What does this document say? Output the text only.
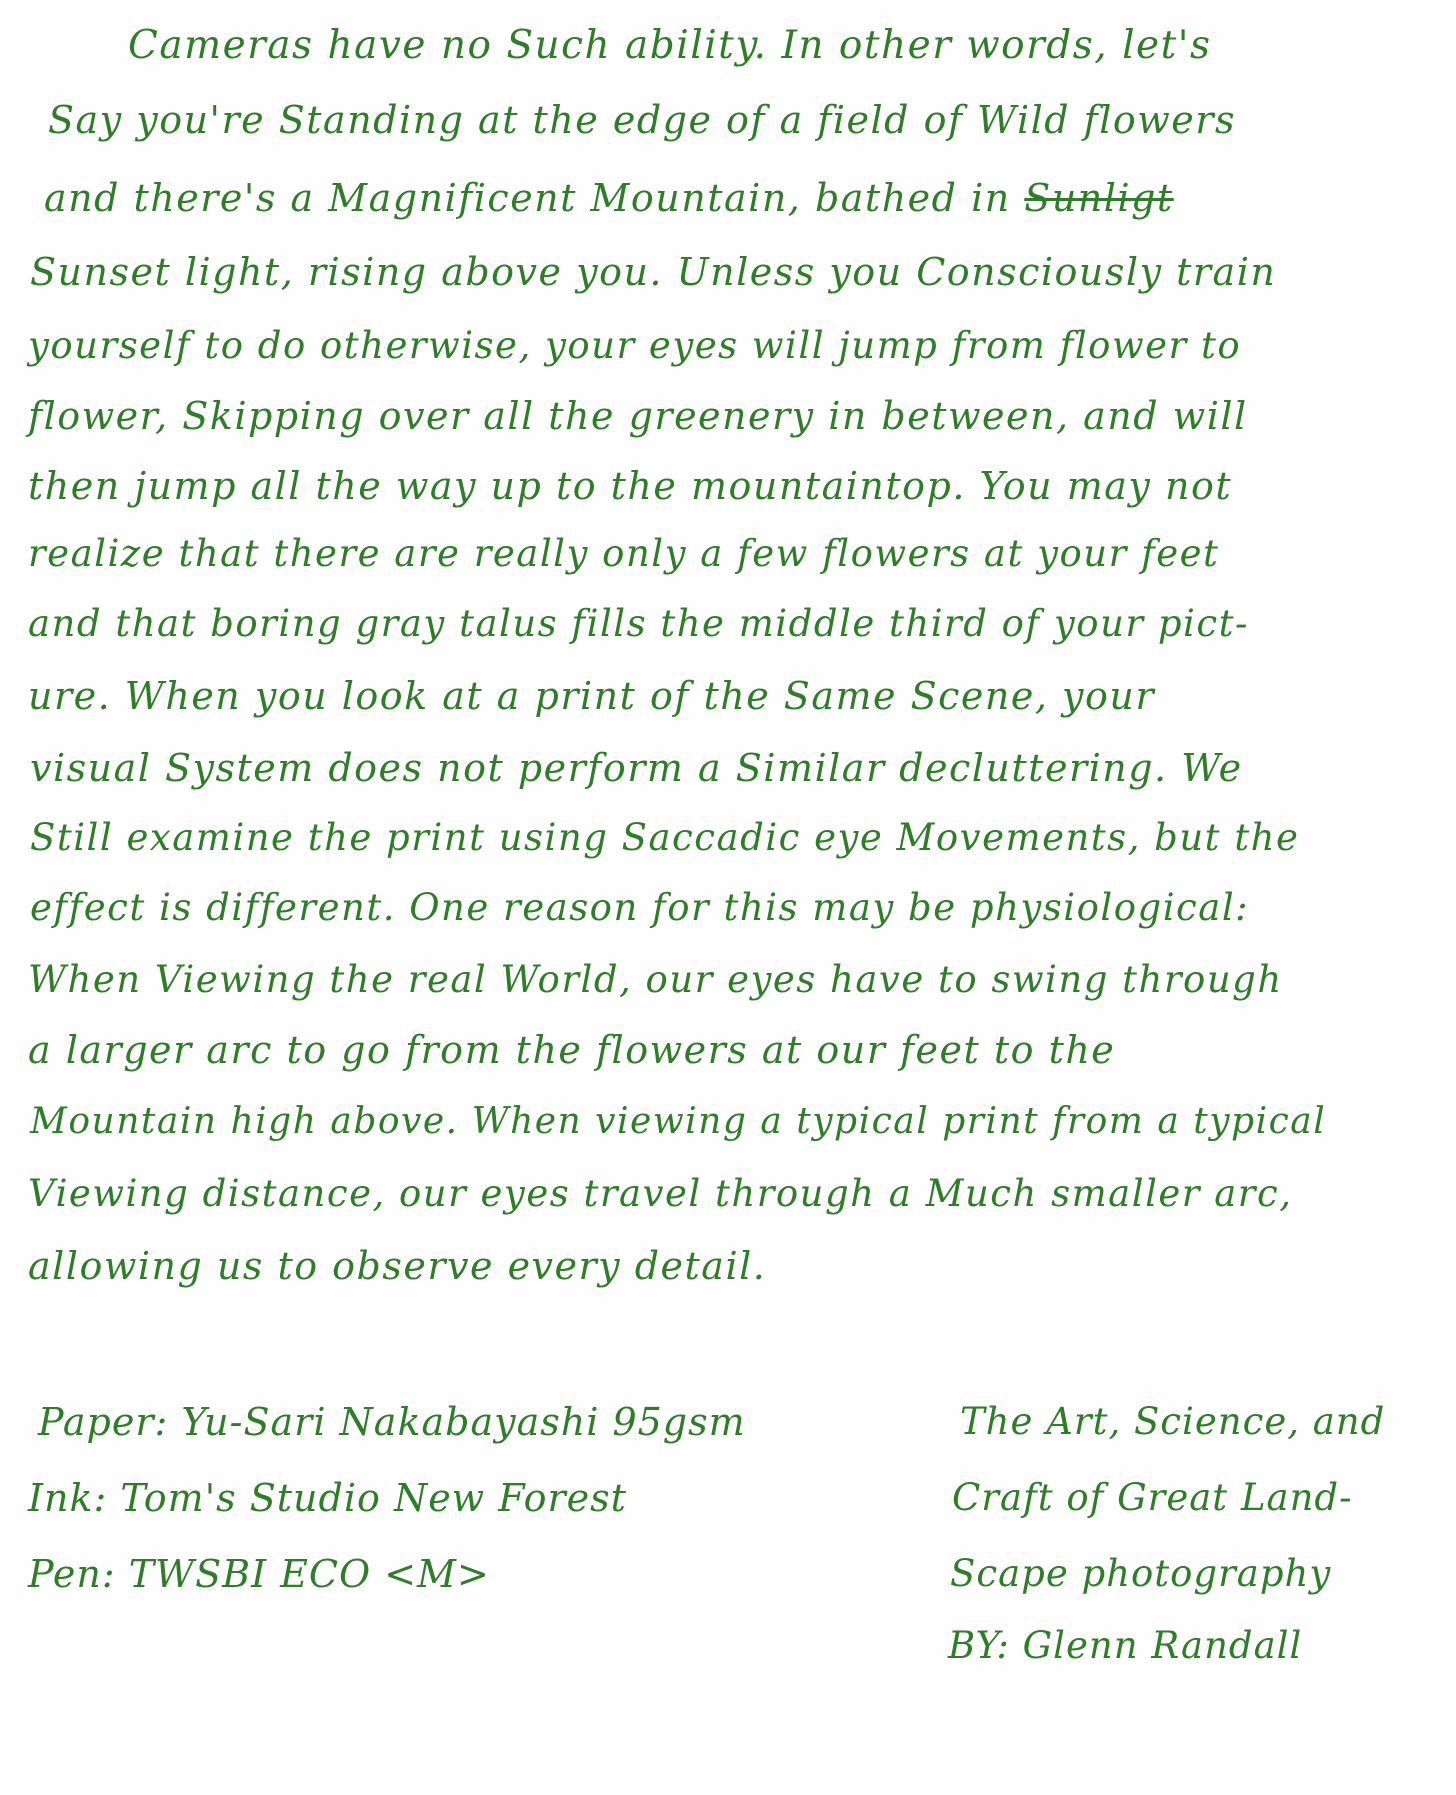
Cameras have no Such ability. In other words, let's
Say you're Standing at the edge of a field of Wild flowers
and there's a Magnificent Mountain, bathed in Sunligt
Sunset light, rising above you. Unless you Consciously train
yourself to do otherwise, your eyes will jump from flower to
flower, Skipping over all the greenery in between, and will
then jump all the way up to the mountaintop. You may not
realize that there are really only a few flowers at your feet
and that boring gray talus fills the middle third of your pict-
ure. When you look at a print of the Same Scene, your
visual System does not perform a Similar decluttering. We
Still examine the print using Saccadic eye Movements, but the
effect is different. One reason for this may be physiological:
When Viewing the real World, our eyes have to swing through
a larger arc to go from the flowers at our feet to the
Mountain high above. When viewing a typical print from a typical
Viewing distance, our eyes travel through a Much smaller arc,
allowing us to observe every detail.
Paper: Yu-Sari Nakabayashi 95gsm
Ink: Tom's Studio New Forest
Pen: TWSBI ECO <M>
The Art, Science, and
Craft of Great Land-
Scape photography
BY: Glenn Randall
